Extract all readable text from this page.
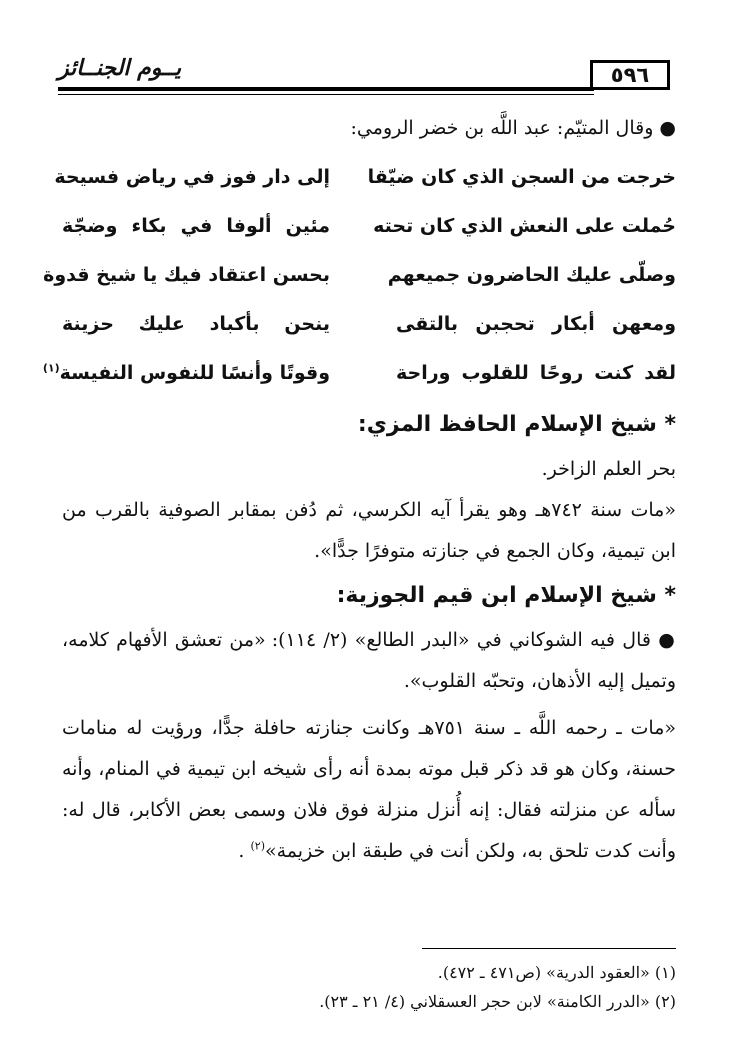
يــوم الجنــائز	٥٩٦
● وقال المتيّم: عبد اللَّه بن خضر الرومي:
خرجت من السجن الذي كان ضيّقا
إلى دار فوز في رياض فسيحة
حُملت على النعش الذي كان تحته
مئين ألوفا في بكاء وضجّة
وصلّى عليك الحاضرون جميعهم
بحسن اعتقاد فيك يا شيخ قدوة
ومعهن أبكار تحجبن بالتقى
ينحن بأكباد عليك حزينة
لقد كنت روحًا للقلوب وراحة
وقوتًا وأنسًا للنفوس النفيسة$^{(١)}$
* شيخ الإسلام الحافظ المزي:
بحر العلم الزاخر.
«مات سنة ٧٤٢هـ وهو يقرأ آيه الكرسي، ثم دُفن بمقابر الصوفية بالقرب من ابن تيمية، وكان الجمع في جنازته متوفرًا جدًّا».
* شيخ الإسلام ابن قيم الجوزية:
● قال فيه الشوكاني في «البدر الطالع» (٢/ ١١٤): «من تعشق الأفهام كلامه، وتميل إليه الأذهان، وتحبّه القلوب».
«مات ـ رحمه اللَّه ـ سنة ٧٥١هـ وكانت جنازته حافلة جدًّا، ورؤيت له منامات حسنة، وكان هو قد ذكر قبل موته بمدة أنه رأى شيخه ابن تيمية في المنام، وأنه سأله عن منزلته فقال: إنه أُنزل منزلة فوق فلان وسمى بعض الأكابر، قال له: وأنت كدت تلحق به، ولكن أنت في طبقة ابن خزيمة»$^{(٢)}$ .
(١) «العقود الدرية» (ص٤٧١ ـ ٤٧٢).
(٢) «الدرر الكامنة» لابن حجر العسقلاني (٤/ ٢١ ـ ٢٣).
